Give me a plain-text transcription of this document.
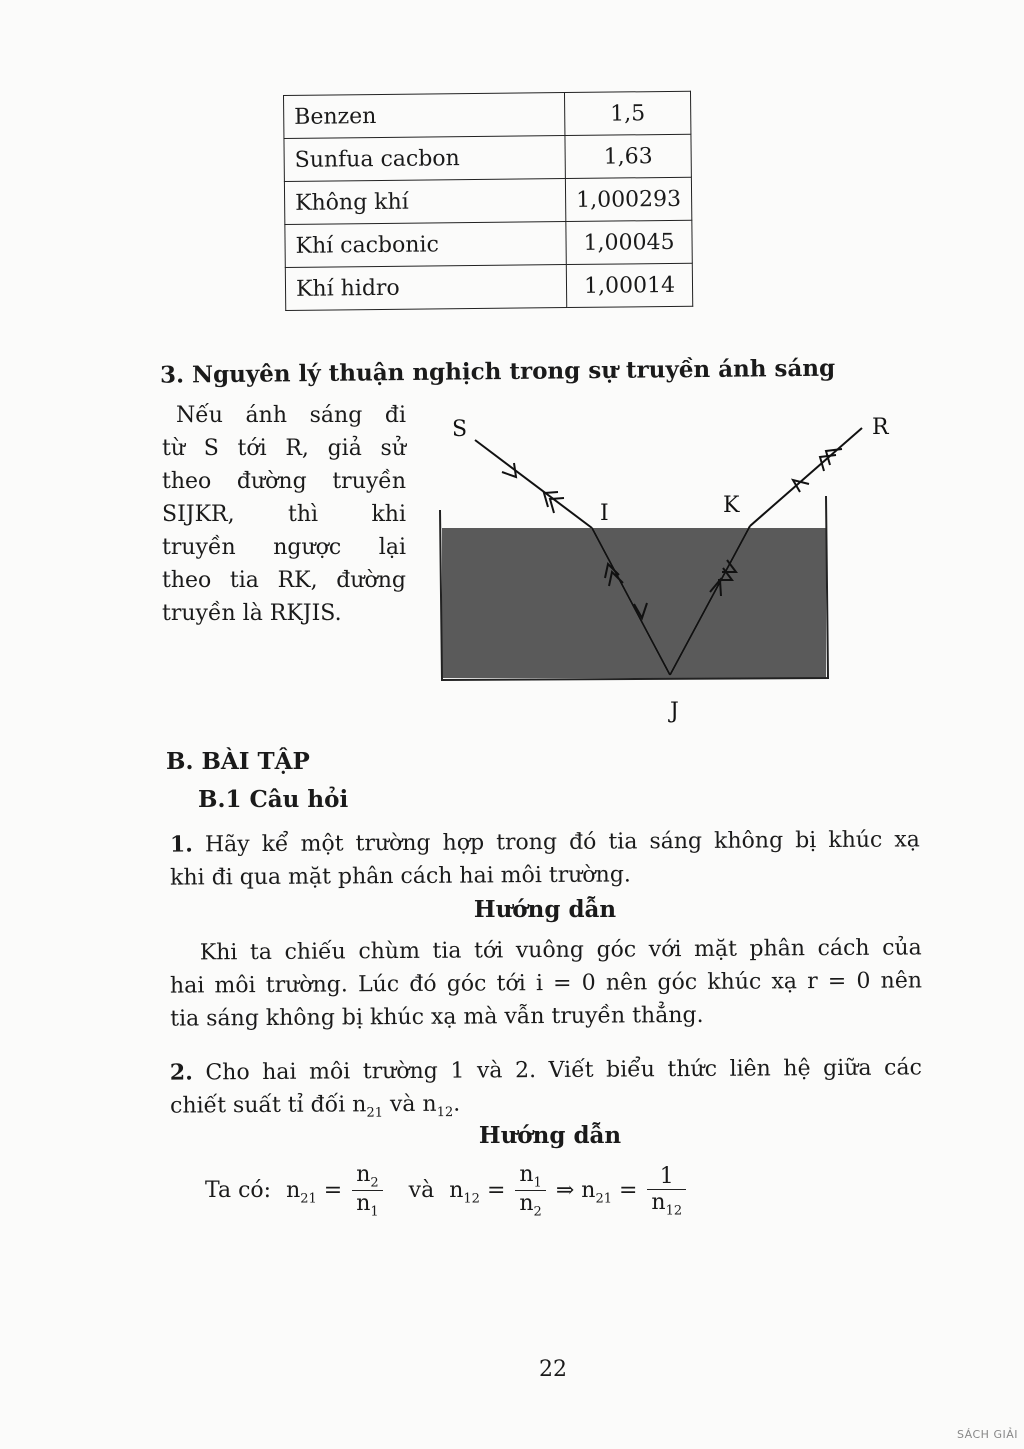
Benzen	1,5
Sunfua cacbon	1,63
Không khí	1,000293
Khí cacbonic	1,00045
Khí hidro	1,00014
3. Nguyên lý thuận nghịch trong sự truyền ánh sáng
Nếu ánh sáng đi
từ S tới R, giả sử
theo đường truyền
SIJKR, thì khi
truyền ngược lại
theo tia RK, đường
truyền là RKJIS.
S	R
I	K
J
B. BÀI TẬP
B.1 Câu hỏi
1. Hãy kể một trường hợp trong đó tia sáng không bị khúc xạ
khi đi qua mặt phân cách hai môi trường.
Hướng dẫn
Khi ta chiếu chùm tia tới vuông góc với mặt phân cách của
hai môi trường. Lúc đó góc tới i = 0 nên góc khúc xạ r = 0 nên
tia sáng không bị khúc xạ mà vẫn truyền thẳng.
2. Cho hai môi trường 1 và 2. Viết biểu thức liên hệ giữa các
chiết suất tỉ đối $n_{21}$ và $n_{12}$.
Hướng dẫn
Ta có: $n_{21} = \frac{n_2}{n_1}$ và $n_{12} = \frac{n_1}{n_2}$ ⇒ $n_{21} = \frac{1}{n_{12}}$
22
SÁCH GIẢI
